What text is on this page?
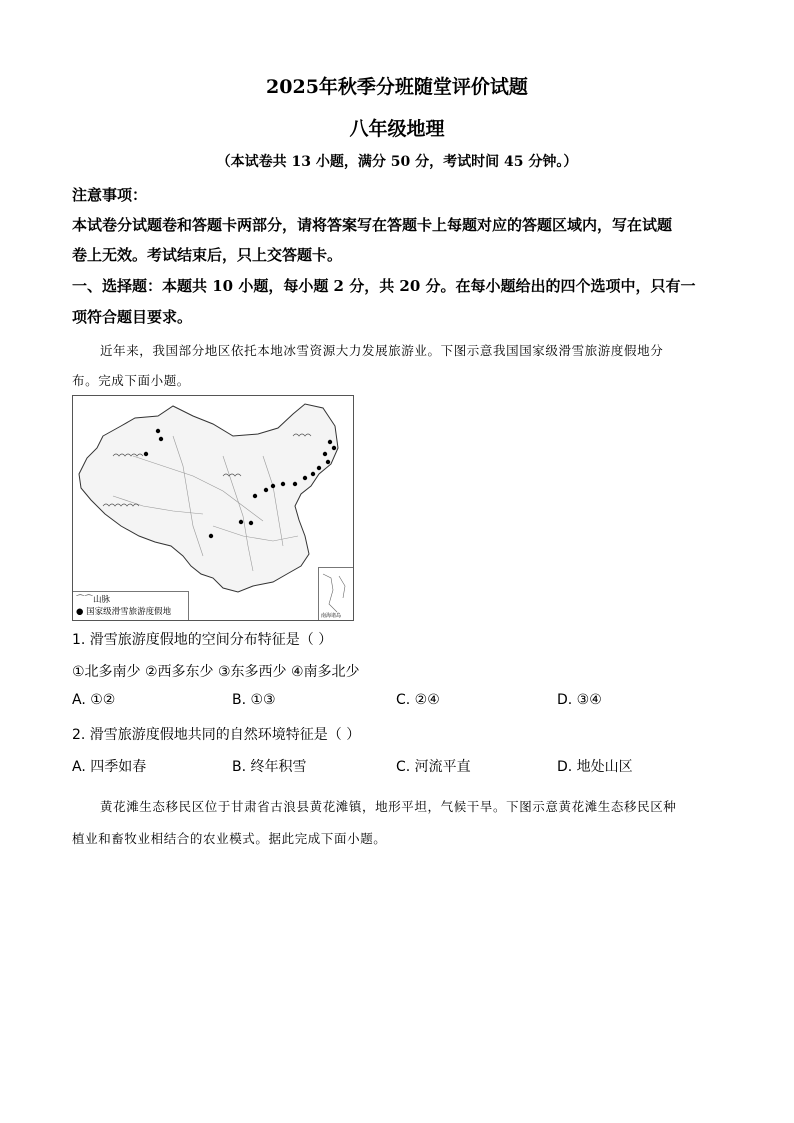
2025年秋季分班随堂评价试题
八年级地理
（本试卷共 13 小题，满分 50 分，考试时间 45 分钟。）
注意事项：
本试卷分试题卷和答题卡两部分，请将答案写在答题卡上每题对应的答题区域内，写在试题
卷上无效。考试结束后，只上交答题卡。
一、选择题：本题共 10 小题，每小题 2 分，共 20 分。在每小题给出的四个选项中，只有一
项符合题目要求。
近年来，我国部分地区依托本地冰雪资源大力发展旅游业。下图示意我国国家级滑雪旅游度假地分
布。完成下面小题。
⌒⌒山脉
● 国家级滑雪旅游度假地	南海诸岛
1. 滑雪旅游度假地的空间分布特征是（ ）
①北多南少 ②西多东少 ③东多西少 ④南多北少
A. ①②	B. ①③	C. ②④	D. ③④
2. 滑雪旅游度假地共同的自然环境特征是（ ）
A. 四季如春	B. 终年积雪	C. 河流平直	D. 地处山区
黄花滩生态移民区位于甘肃省古浪县黄花滩镇，地形平坦，气候干旱。下图示意黄花滩生态移民区种
植业和畜牧业相结合的农业模式。据此完成下面小题。
